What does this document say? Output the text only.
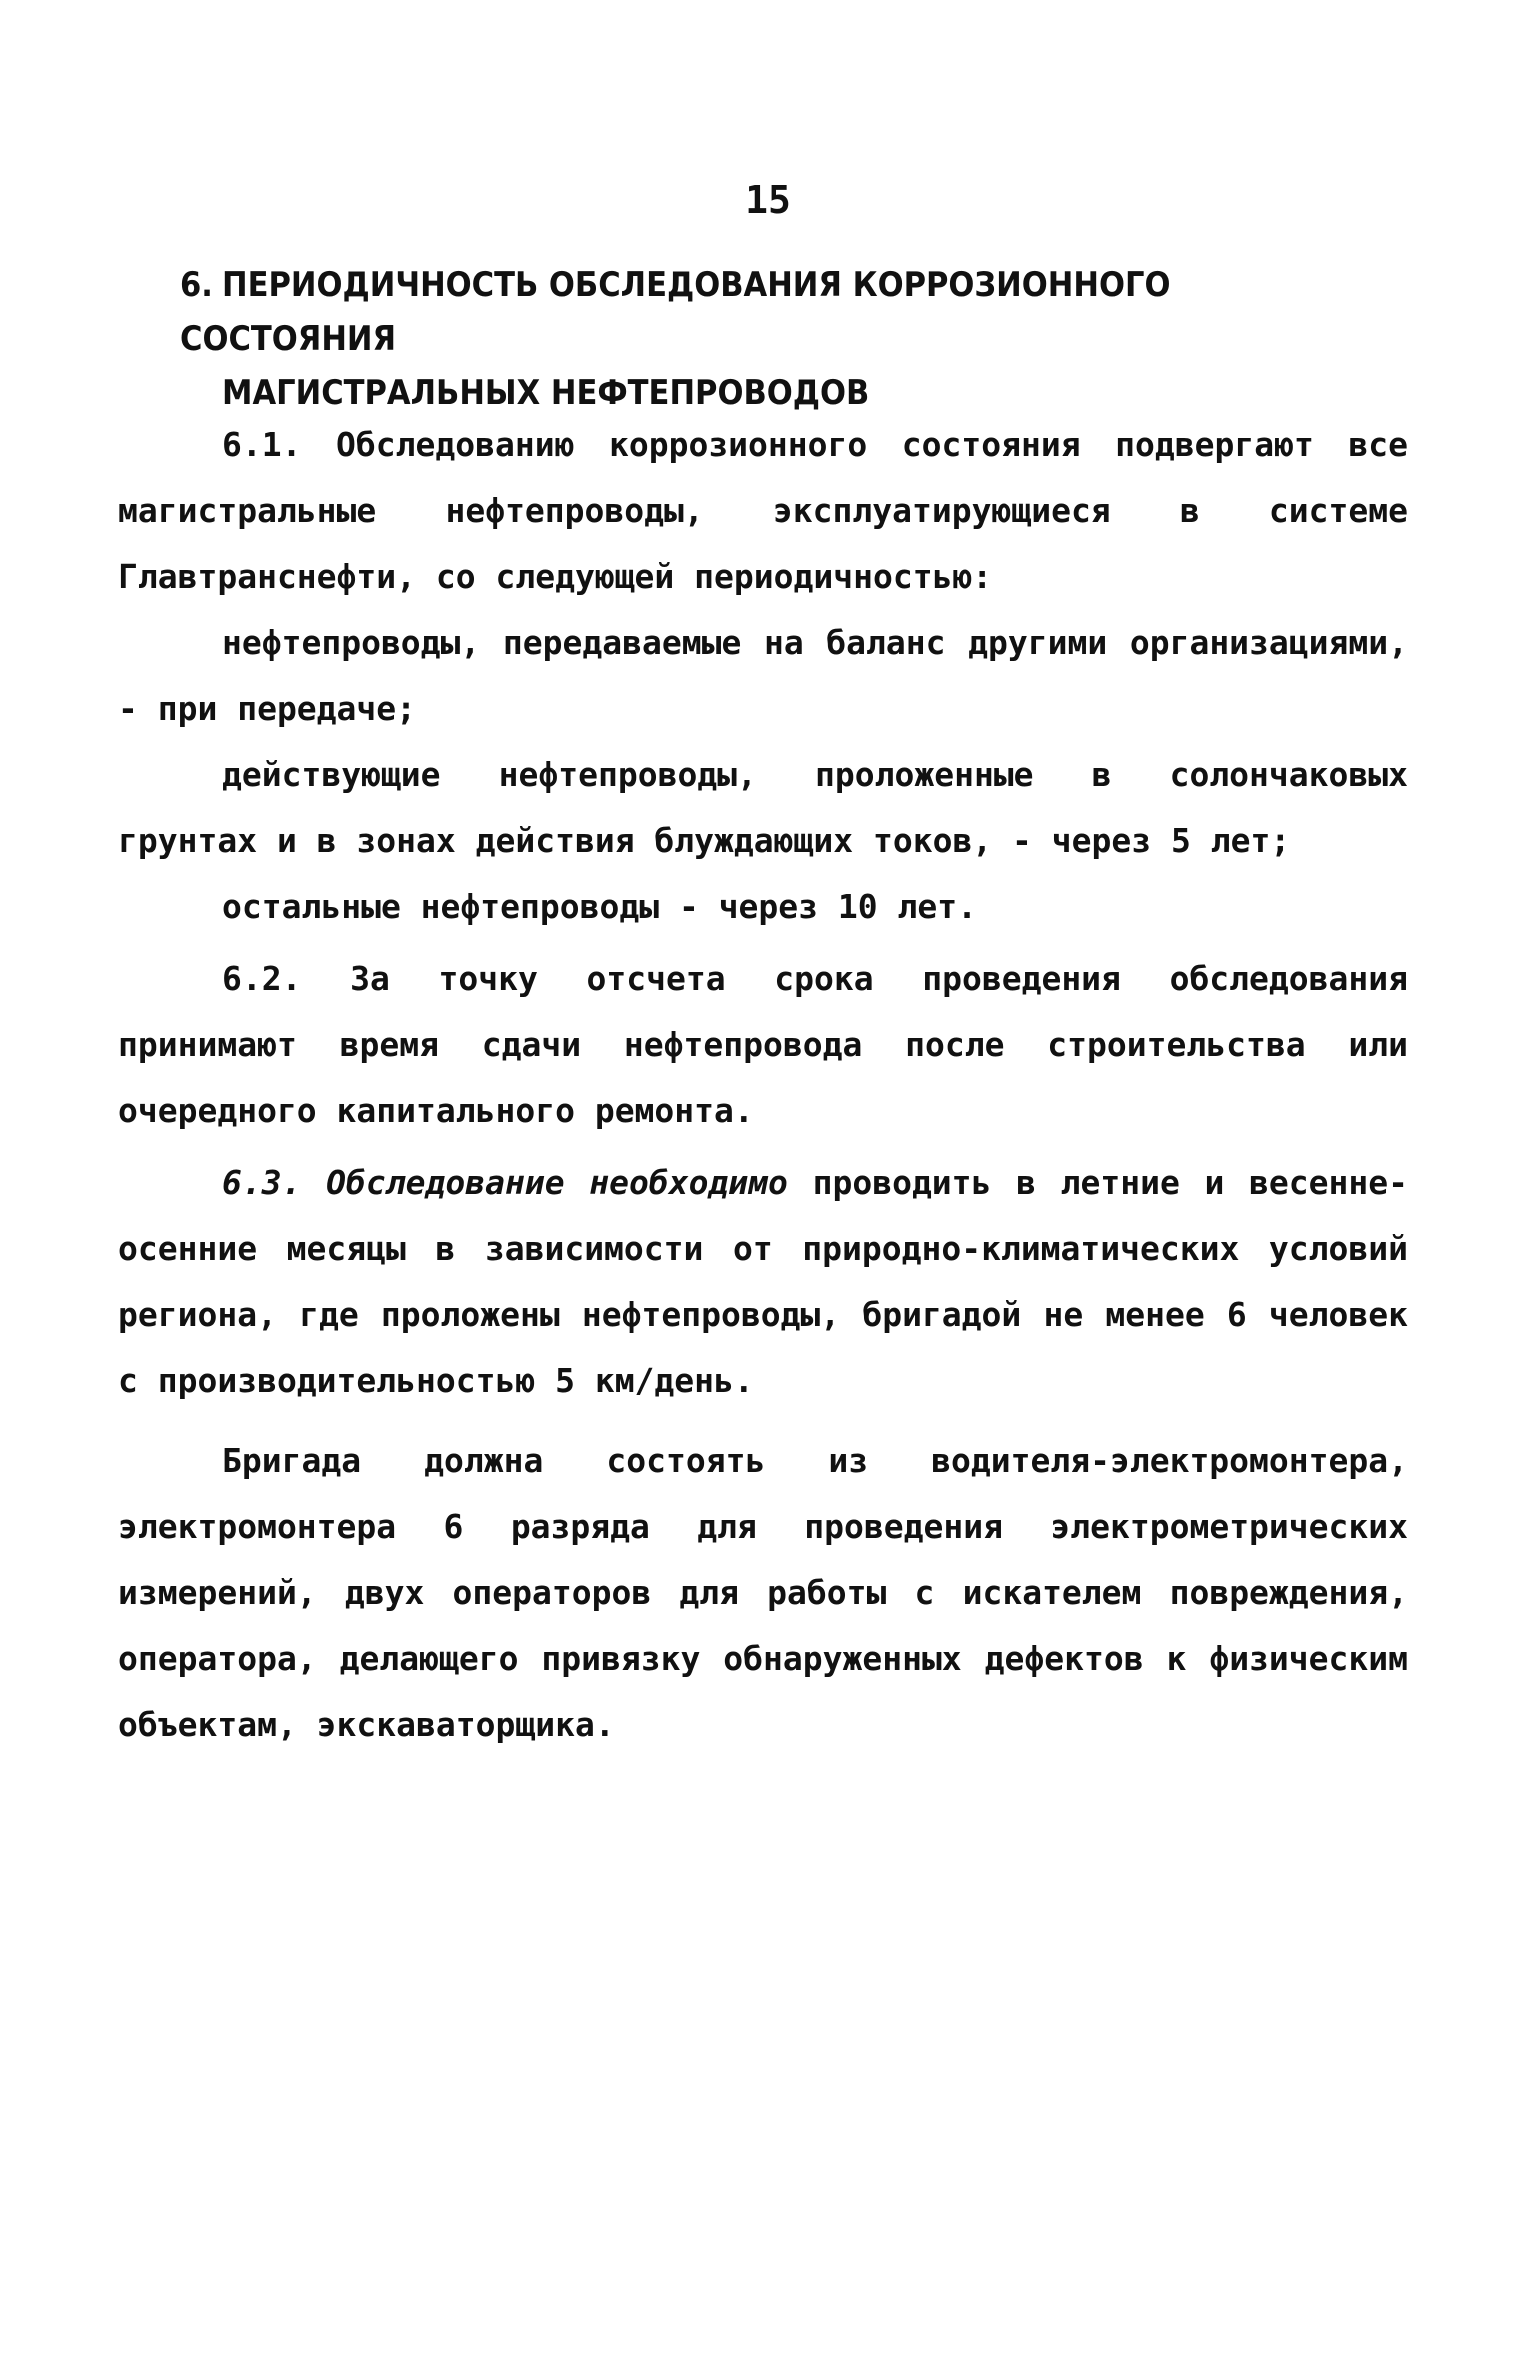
15
6. ПЕРИОДИЧНОСТЬ ОБСЛЕДОВАНИЯ КОРРОЗИОННОГО СОСТОЯНИЯ
МАГИСТРАЛЬНЫХ НЕФТЕПРОВОДОВ

6.1. Обследованию коррозионного состояния подвергают все магистральные нефтепроводы, эксплуатирующиеся в системе Главтранснефти, со следующей периодичностью:

нефтепроводы, передаваемые на баланс другими организациями, - при передаче;

действующие нефтепроводы, проложенные в солончаковых грунтах и в зонах действия блуждающих токов, - через 5 лет;

остальные нефтепроводы - через 10 лет.

6.2. За точку отсчета срока проведения обследования принимают время сдачи нефтепровода после строительства или очередного капитального ремонта.

6.3. Обследование необходимо проводить в летние и весенне-осенние месяцы в зависимости от природно-климатических условий региона, где проложены нефтепроводы, бригадой не менее 6 человек с производительностью 5 км/день.

Бригада должна состоять из водителя-электромонтера, электромонтера 6 разряда для проведения электрометрических измерений, двух операторов для работы с искателем повреждения, оператора, делающего привязку обнаруженных дефектов к физическим объектам, экскаваторщика.
